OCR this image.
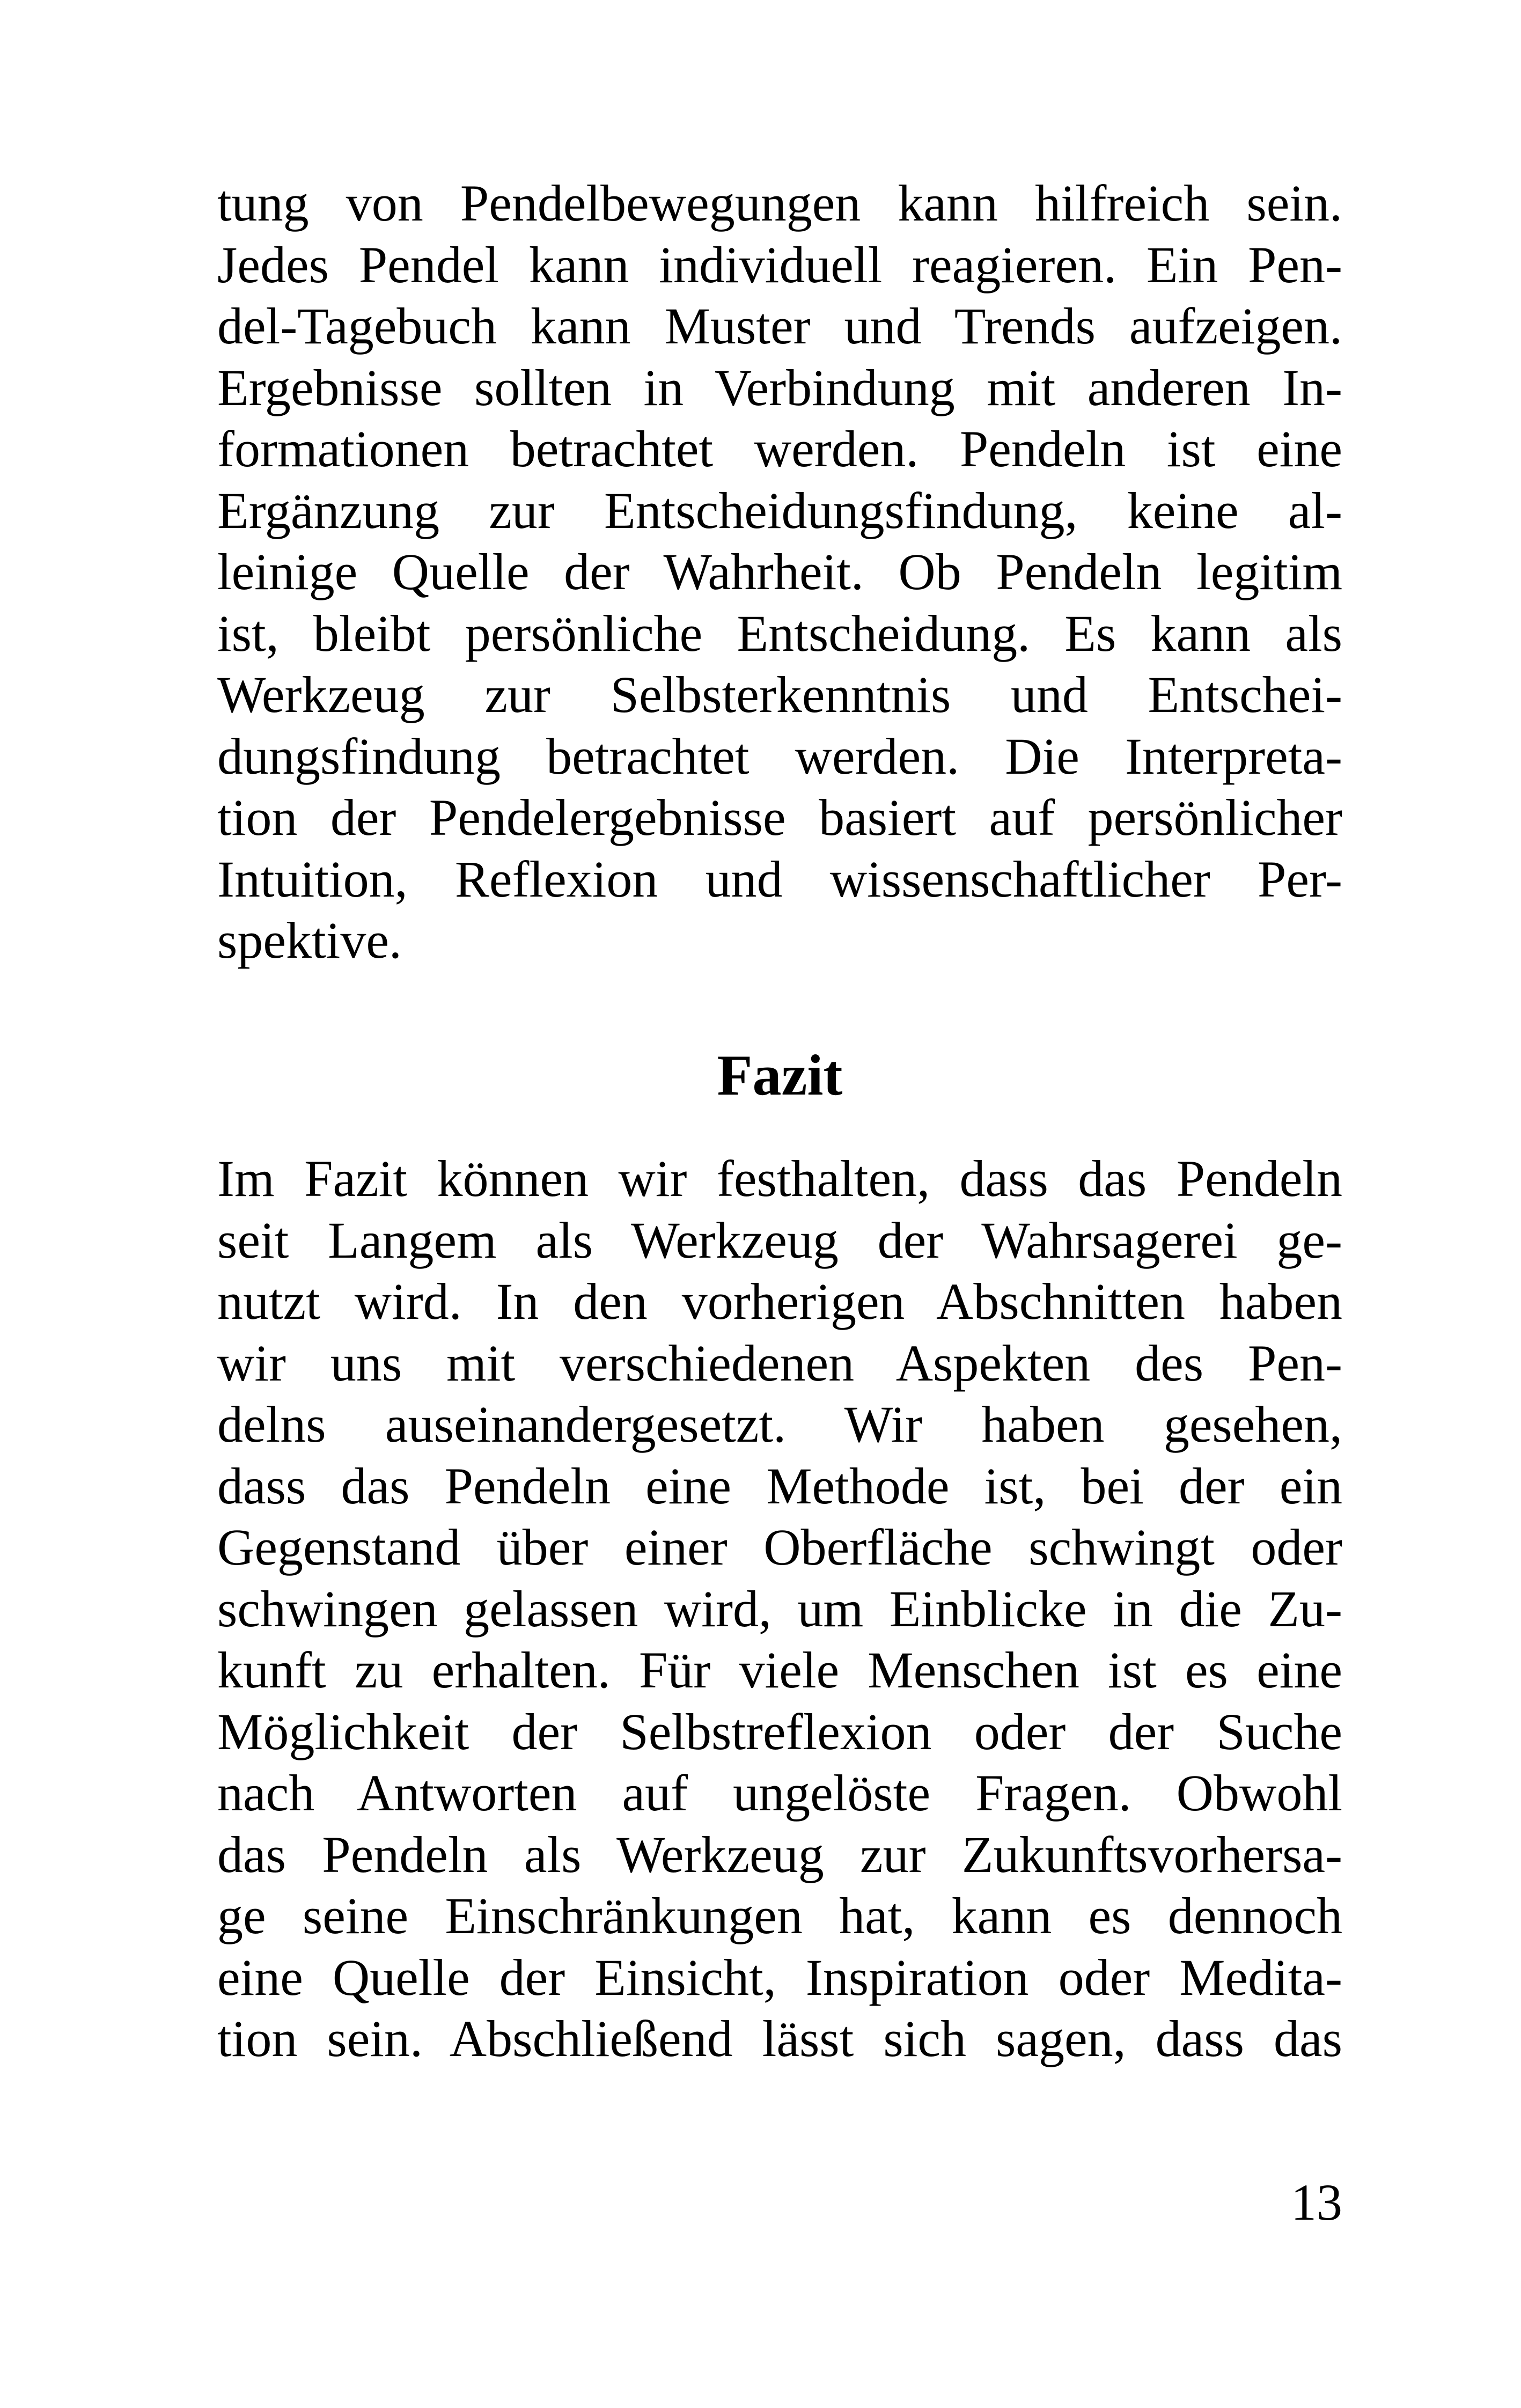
tung von Pendelbewegungen kann hilfreich sein.
Jedes Pendel kann individuell reagieren. Ein Pen-
del-Tagebuch kann Muster und Trends aufzeigen.
Ergebnisse sollten in Verbindung mit anderen In-
formationen betrachtet werden. Pendeln ist eine
Ergänzung zur Entscheidungsfindung, keine al-
leinige Quelle der Wahrheit. Ob Pendeln legitim
ist, bleibt persönliche Entscheidung. Es kann als
Werkzeug zur Selbsterkenntnis und Entschei-
dungsfindung betrachtet werden. Die Interpreta-
tion der Pendelergebnisse basiert auf persönlicher
Intuition, Reflexion und wissenschaftlicher Per-
spektive.
Fazit
Im Fazit können wir festhalten, dass das Pendeln
seit Langem als Werkzeug der Wahrsagerei ge-
nutzt wird. In den vorherigen Abschnitten haben
wir uns mit verschiedenen Aspekten des Pen-
delns auseinandergesetzt. Wir haben gesehen,
dass das Pendeln eine Methode ist, bei der ein
Gegenstand über einer Oberfläche schwingt oder
schwingen gelassen wird, um Einblicke in die Zu-
kunft zu erhalten. Für viele Menschen ist es eine
Möglichkeit der Selbstreflexion oder der Suche
nach Antworten auf ungelöste Fragen. Obwohl
das Pendeln als Werkzeug zur Zukunftsvorhersa-
ge seine Einschränkungen hat, kann es dennoch
eine Quelle der Einsicht, Inspiration oder Medita-
tion sein. Abschließend lässt sich sagen, dass das
13
